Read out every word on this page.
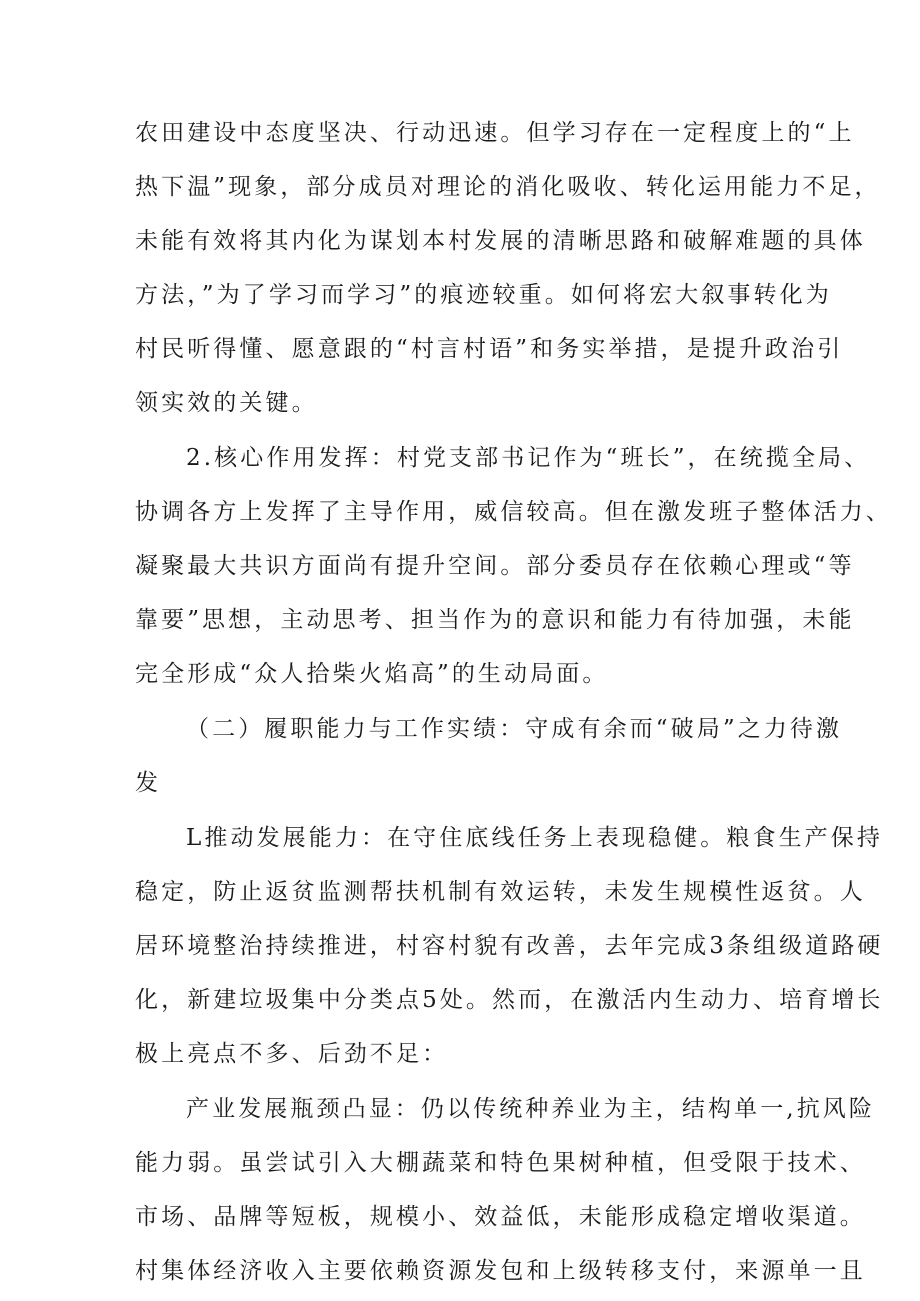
农田建设中态度坚决、行动迅速。但学习存在一定程度上的“上
热下温”现象，部分成员对理论的消化吸收、转化运用能力不足，
未能有效将其内化为谋划本村发展的清晰思路和破解难题的具体
方法，”为了学习而学习”的痕迹较重。如何将宏大叙事转化为
村民听得懂、愿意跟的“村言村语”和务实举措，是提升政治引
领实效的关键。
2.核心作用发挥：村党支部书记作为“班长”，在统揽全局、
协调各方上发挥了主导作用，威信较高。但在激发班子整体活力、
凝聚最大共识方面尚有提升空间。部分委员存在依赖心理或“等
靠要”思想，主动思考、担当作为的意识和能力有待加强，未能
完全形成“众人拾柴火焰高”的生动局面。
（二）履职能力与工作实绩：守成有余而“破局”之力待激
发
L推动发展能力：在守住底线任务上表现稳健。粮食生产保持
稳定，防止返贫监测帮扶机制有效运转，未发生规模性返贫。人
居环境整治持续推进，村容村貌有改善，去年完成3条组级道路硬
化，新建垃圾集中分类点5处。然而，在激活内生动力、培育增长
极上亮点不多、后劲不足：
产业发展瓶颈凸显：仍以传统种养业为主，结构单一,抗风险
能力弱。虽尝试引入大棚蔬菜和特色果树种植，但受限于技术、
市场、品牌等短板，规模小、效益低，未能形成稳定增收渠道。
村集体经济收入主要依赖资源发包和上级转移支付，来源单一且
